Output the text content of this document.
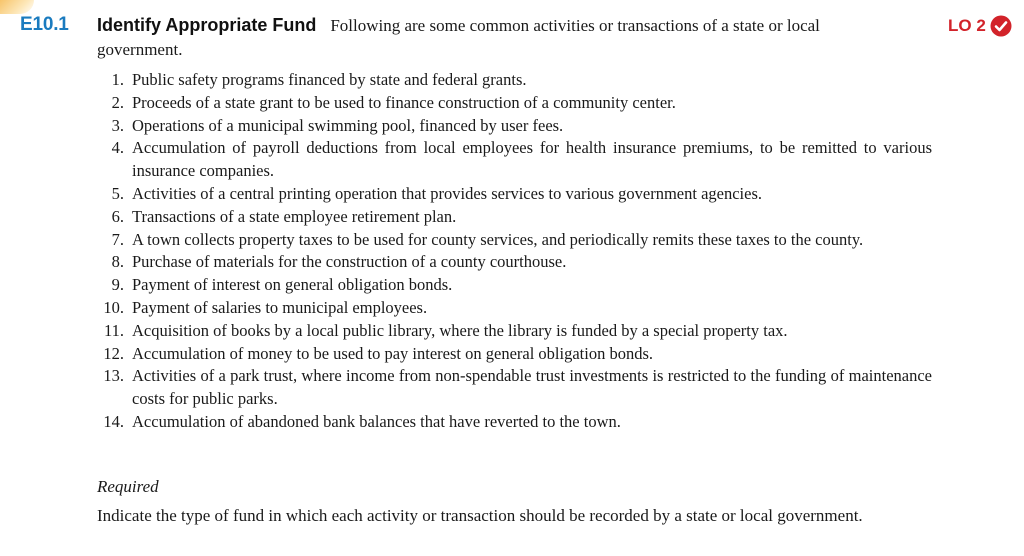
E10.1 Identify Appropriate Fund Following are some common activities or transactions of a state or local
government.
LO 2
1. Public safety programs financed by state and federal grants.
2. Proceeds of a state grant to be used to finance construction of a community center.
3. Operations of a municipal swimming pool, financed by user fees.
4. Accumulation of payroll deductions from local employees for health insurance premiums, to be remitted to various insurance companies.
5. Activities of a central printing operation that provides services to various government agencies.
6. Transactions of a state employee retirement plan.
7. A town collects property taxes to be used for county services, and periodically remits these taxes to the county.
8. Purchase of materials for the construction of a county courthouse.
9. Payment of interest on general obligation bonds.
10. Payment of salaries to municipal employees.
11. Acquisition of books by a local public library, where the library is funded by a special property tax.
12. Accumulation of money to be used to pay interest on general obligation bonds.
13. Activities of a park trust, where income from non-spendable trust investments is restricted to the funding of maintenance costs for public parks.
14. Accumulation of abandoned bank balances that have reverted to the town.
Required
Indicate the type of fund in which each activity or transaction should be recorded by a state or local government.
